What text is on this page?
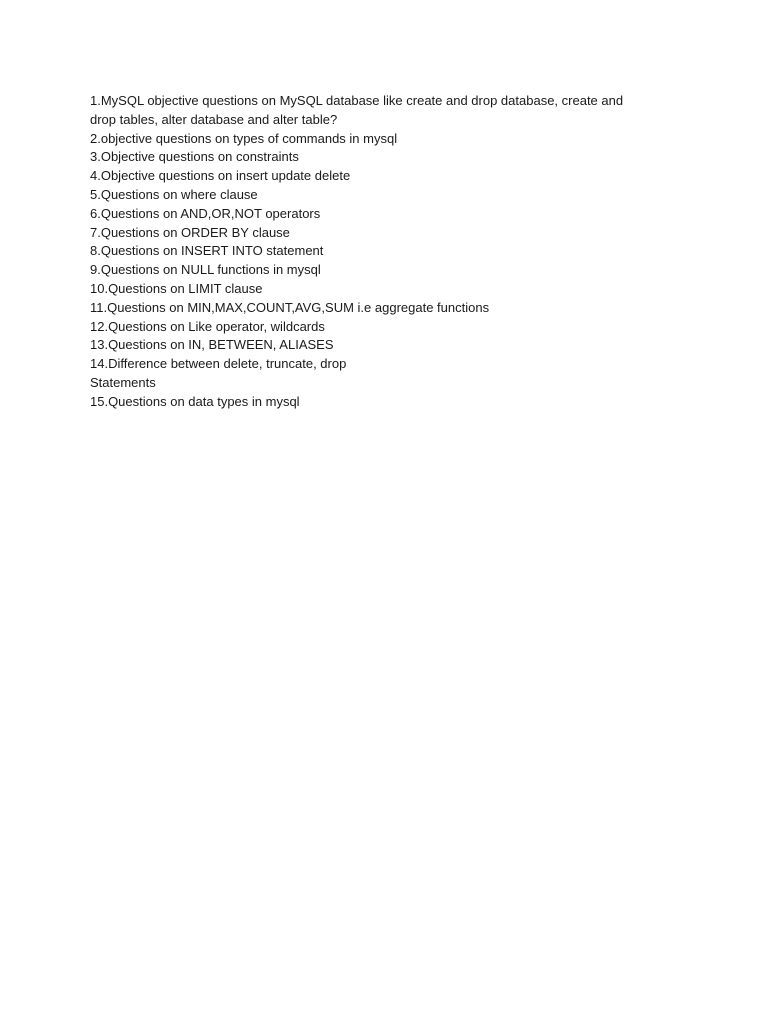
1.MySQL objective questions on MySQL database like create and drop database, create and
drop tables, alter database and alter table?
2.objective questions on types of commands in mysql
3.Objective questions on constraints
4.Objective questions on insert update delete
5.Questions on where clause
6.Questions on AND,OR,NOT operators
7.Questions on ORDER BY clause
8.Questions on INSERT INTO statement
9.Questions on NULL functions in mysql
10.Questions on LIMIT clause
11.Questions on MIN,MAX,COUNT,AVG,SUM i.e aggregate functions
12.Questions on Like operator, wildcards
13.Questions on IN, BETWEEN, ALIASES
14.Difference between delete, truncate, drop
Statements
15.Questions on data types in mysql
